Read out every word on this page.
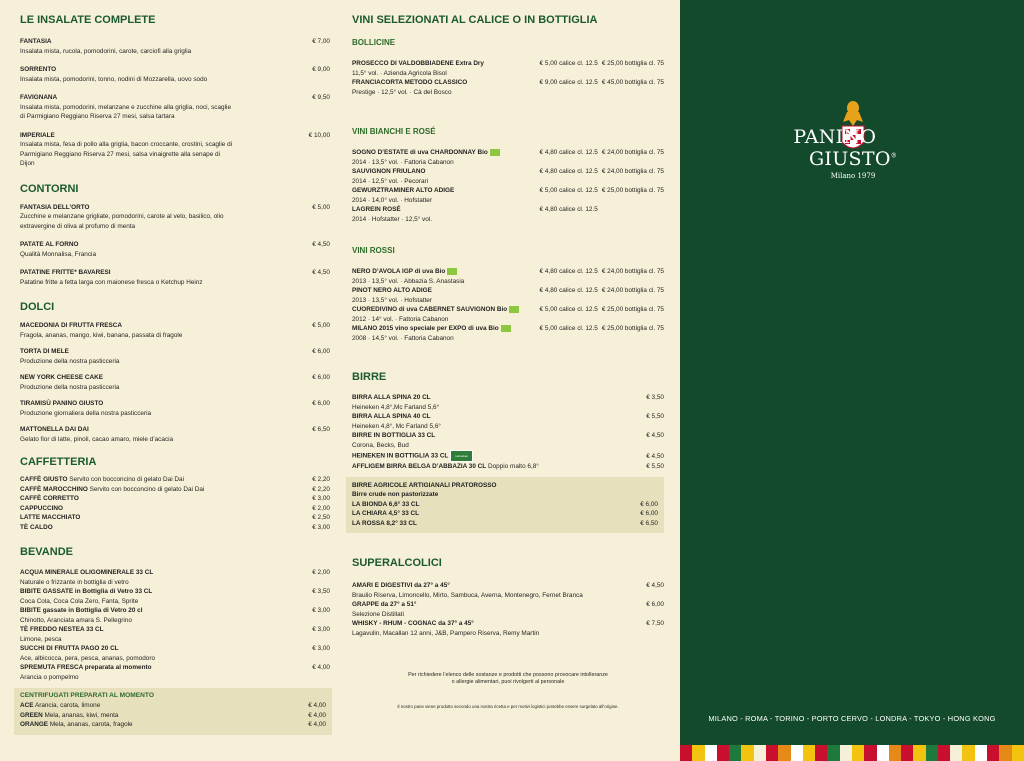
LE INSALATE COMPLETE
FANTASIA	€ 7,00
Insalata mista, rucola, pomodorini, carote, carciofi alla griglia
SORRENTO	€ 9,00
Insalata mista, pomodorini, tonno, nodini di Mozzarella, uovo sodo
FAVIGNANA	€ 9,50
Insalata mista, pomodorini, melanzane e zucchine alla griglia, noci, scaglie di Parmigiano Reggiano Riserva 27 mesi, salsa tartara
IMPERIALE	€ 10,00
Insalata mista, fesa di pollo alla griglia, bacon croccante, crostini, scaglie di Parmigiano Reggiano Riserva 27 mesi, salsa vinaigrette alla senape di Dijon
CONTORNI
FANTASIA DELL’ORTO	€ 5,00
Zucchine e melanzane grigliate, pomodorini, carote al velo, basilico, olio extravergine di oliva al profumo di menta
PATATE AL FORNO	€ 4,50
Qualità Monnalisa, Francia
PATATINE FRITTE* BAVARESI	€ 4,50
Patatine fritte a fetta larga con maionese fresca o Ketchup Heinz
DOLCI
MACEDONIA DI FRUTTA FRESCA	€ 5,00
Fragola, ananas, mango, kiwi, banana, passata di fragole
TORTA DI MELE	€ 6,00
Produzione della nostra pasticceria
NEW YORK CHEESE CAKE	€ 6,00
Produzione della nostra pasticceria
TIRAMISÙ PANINO GIUSTO	€ 6,00
Produzione giornaliera della nostra pasticceria
MATTONELLA DAI DAI	€ 6,50
Gelato fior di latte, pinoli, cacao amaro, miele d’acacia
CAFFETTERIA
CAFFÈ GIUSTO Servito con bocconcino di gelato Dai Dai	€ 2,20
CAFFÈ MAROCCHINO Servito con bocconcino di gelato Dai Dai	€ 2,20
CAFFÈ CORRETTO	€ 3,00
CAPPUCCINO	€ 2,00
LATTE MACCHIATO	€ 2,50
TÈ CALDO	€ 3,00
BEVANDE
ACQUA MINERALE OLIGOMINERALE 33 CL	€ 2,00
Naturale o frizzante in bottiglia di vetro
BIBITE GASSATE in Bottiglia di Vetro 33 CL	€ 3,50
Coca Cola, Coca Cola Zero, Fanta, Sprite
BIBITE gassate in Bottiglia di Vetro 20 cl	€ 3,00
Chinotto, Aranciata amara S. Pellegrino
TÈ FREDDO NESTEA 33 CL	€ 3,00
Limone, pesca
SUCCHI DI FRUTTA PAGO 20 CL	€ 3,00
Ace, albicocca, pera, pesca, ananas, pomodoro
SPREMUTA FRESCA preparata al momento	€ 4,00
Arancia o pompelmo
CENTRIFUGATI PREPARATI AL MOMENTO
ACE Arancia, carota, limone	€ 4,00
GREEN Mela, ananas, kiwi, menta	€ 4,00
ORANGE Mela, ananas, carota, fragole	€ 4,00
VINI SELEZIONATI AL CALICE O IN BOTTIGLIA
BOLLICINE
PROSECCO DI VALDOBBIADENE Extra Dry	€ 5,00 calice cl. 12.5 € 25,00 bottiglia cl. 75
11,5° vol. · Azienda Agricola Bisol
FRANCIACORTA METODO CLASSICO	€ 9,00 calice cl. 12.5 € 45,00 bottiglia cl. 75
Prestige · 12,5° vol. · Cà del Bosco
VINI BIANCHI E ROSÉ
SOGNO D’ESTATE di uva CHARDONNAY Bio	€ 4,80 calice cl. 12.5 € 24,00 bottiglia cl. 75
2014 · 13,5° vol. · Fattoria Cabanon
SAUVIGNON FRIULANO	€ 4,80 calice cl. 12.5 € 24,00 bottiglia cl. 75
2014 · 12,5° vol. · Pecorari
GEWURZTRAMINER ALTO ADIGE	€ 5,00 calice cl. 12.5 € 25,00 bottiglia cl. 75
2014 · 14,0° vol. · Hofstatter
LAGREIN ROSÉ	€ 4,80 calice cl. 12.5
2014 · Hofstatter · 12,5° vol.
VINI ROSSI
NERO D’AVOLA IGP di uva Bio	€ 4,80 calice cl. 12.5 € 24,00 bottiglia cl. 75
2013 · 13,5° vol. · Abbazia S. Anastasia
PINOT NERO ALTO ADIGE	€ 4,80 calice cl. 12.5 € 24,00 bottiglia cl. 75
2013 · 13,5° vol. · Hofstatter
CUOREDIVINO di uva CABERNET SAUVIGNON Bio	€ 5,00 calice cl. 12.5 € 25,00 bottiglia cl. 75
2012 · 14° vol. · Fattoria Cabanon
MILANO 2015 vino speciale per EXPO di uva Bio	€ 5,00 calice cl. 12.5 € 25,00 bottiglia cl. 75
2008 · 14,5° vol. · Fattoria Cabanon
BIRRE
BIRRA ALLA SPINA 20 CL	€ 3,50
Heineken 4,8°,Mc Farland 5,6°
BIRRA ALLA SPINA 40 CL	€ 5,50
Heineken 4,8°, Mc Farland 5,6°
BIRRE IN BOTTIGLIA 33 CL	€ 4,50
Corona, Becks, Bud
HEINEKEN IN BOTTIGLIA 33 CL Heineken	€ 4,50
AFFLIGEM BIRRA BELGA D’ABBAZIA 30 CL Doppio malto 6,8°	€ 5,50
BIRRE AGRICOLE ARTIGIANALI PRATOROSSO
Birre crude non pastorizzate
LA BIONDA 6,6° 33 CL	€ 6,00
LA CHIARA 4,5° 33 CL	€ 6,00
LA ROSSA 8,2° 33 CL	€ 6,50
SUPERALCOLICI
AMARI E DIGESTIVI da 27° a 45°	€ 4,50
Braulio Riserva, Limoncello, Mirto, Sambuca, Averna, Montenegro, Fernet Branca
GRAPPE da 27° a 51°	€ 6,00
Selezione Distillati
WHISKY - RHUM - COGNAC da 37° a 45°	€ 7,50
Lagavulin, Macallan 12 anni, J&B, Pampero Riserva, Remy Martin
Per richiedere l’elenco delle sostanze e prodotti che possono provocare intolleranze
o allergie alimentari, puoi rivolgerti al personale
Il nostro pane viene prodotto secondo una nostra ricetta e per motivi logistici potrebbe essere surgelato all’origine.
PANINO  GIUSTO®
Milano 1979
MILANO - ROMA - TORINO - PORTO CERVO - LONDRA - TOKYO - HONG KONG
